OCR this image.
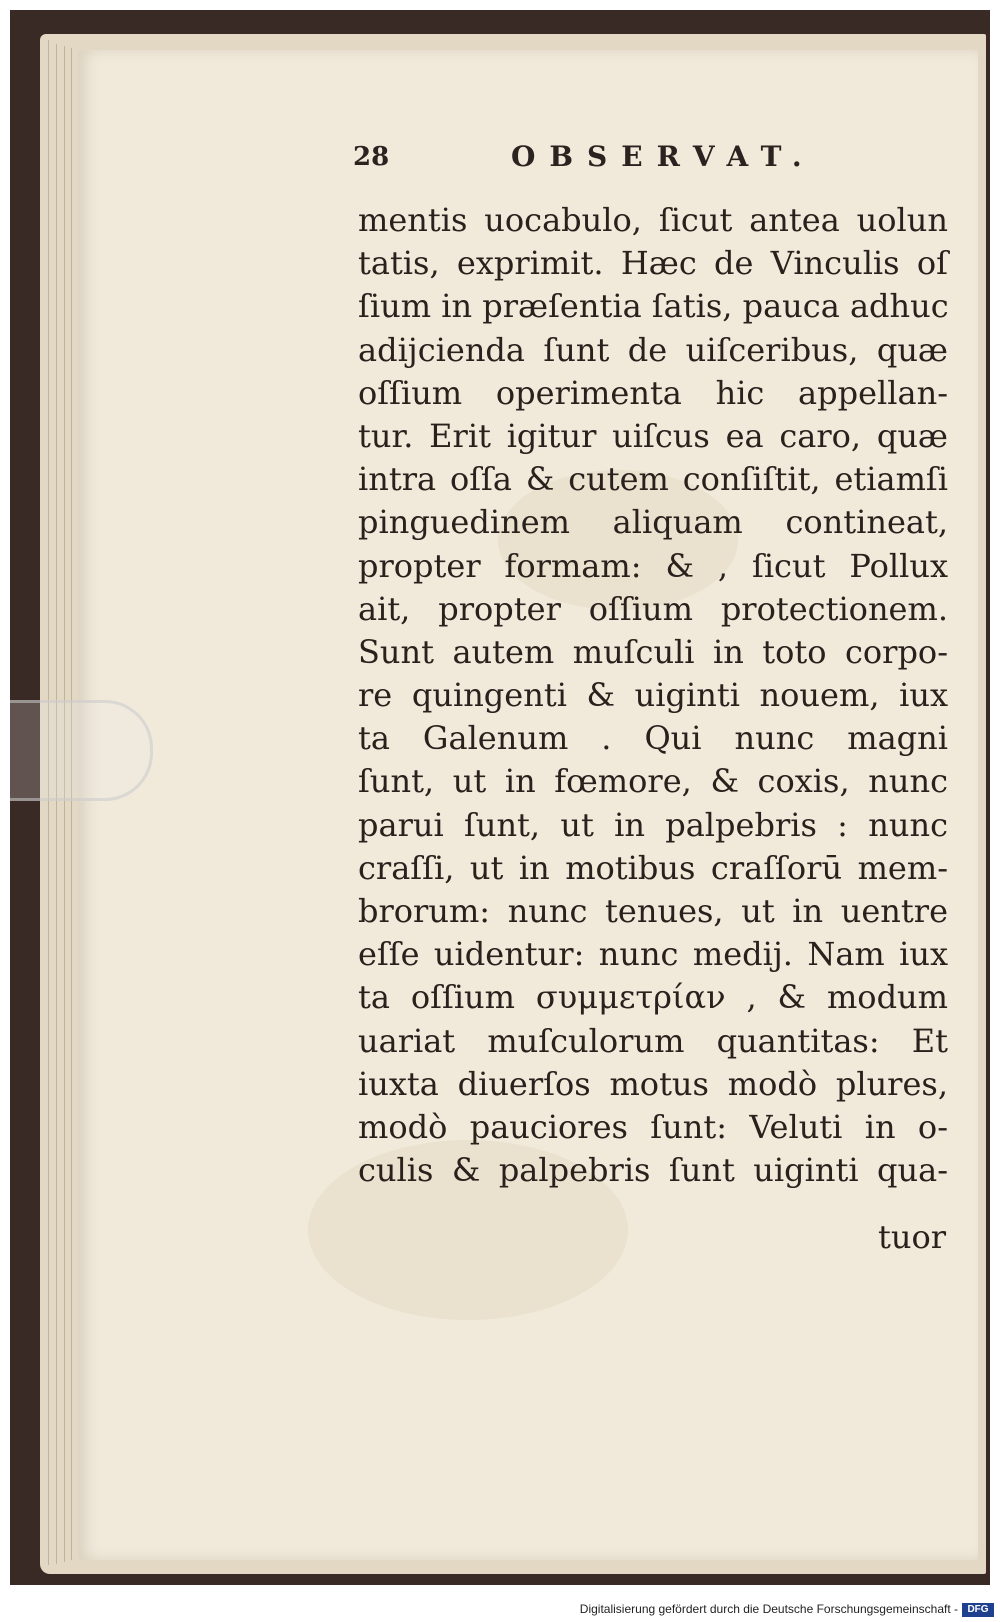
28	OBSERVAT.
mentis uocabulo, ſicut antea uolun
tatis, exprimit. Hæc de Vinculis oſ
ſium in præſentia ſatis, pauca adhuc
adijcienda ſunt de uiſceribus, quæ
oſſium operimenta hic appellan-
tur. Erit igitur uiſcus ea caro, quæ
intra oſſa & cutem conſiſtit, etiamſi
pinguedinem aliquam contineat,
propter formam: & , ſicut Pollux
ait, propter oſſium protectionem.
Sunt autem muſculi in toto corpo-
re quingenti & uiginti nouem, iux
ta Galenum . Qui nunc magni
ſunt, ut in fœmore, & coxis, nunc
parui ſunt, ut in palpebris : nunc
craſſi, ut in motibus craſſorū mem-
brorum: nunc tenues, ut in uentre
eſſe uidentur: nunc medij. Nam iux
ta oſſium συμμετρίαν , & modum
uariat muſculorum quantitas: Et
iuxta diuerſos motus modò plures,
modò pauciores ſunt: Veluti in o-
culis & palpebris ſunt uiginti qua-
tuor
Digitalisierung gefördert durch die Deutsche Forschungsgemeinschaft - DFG
